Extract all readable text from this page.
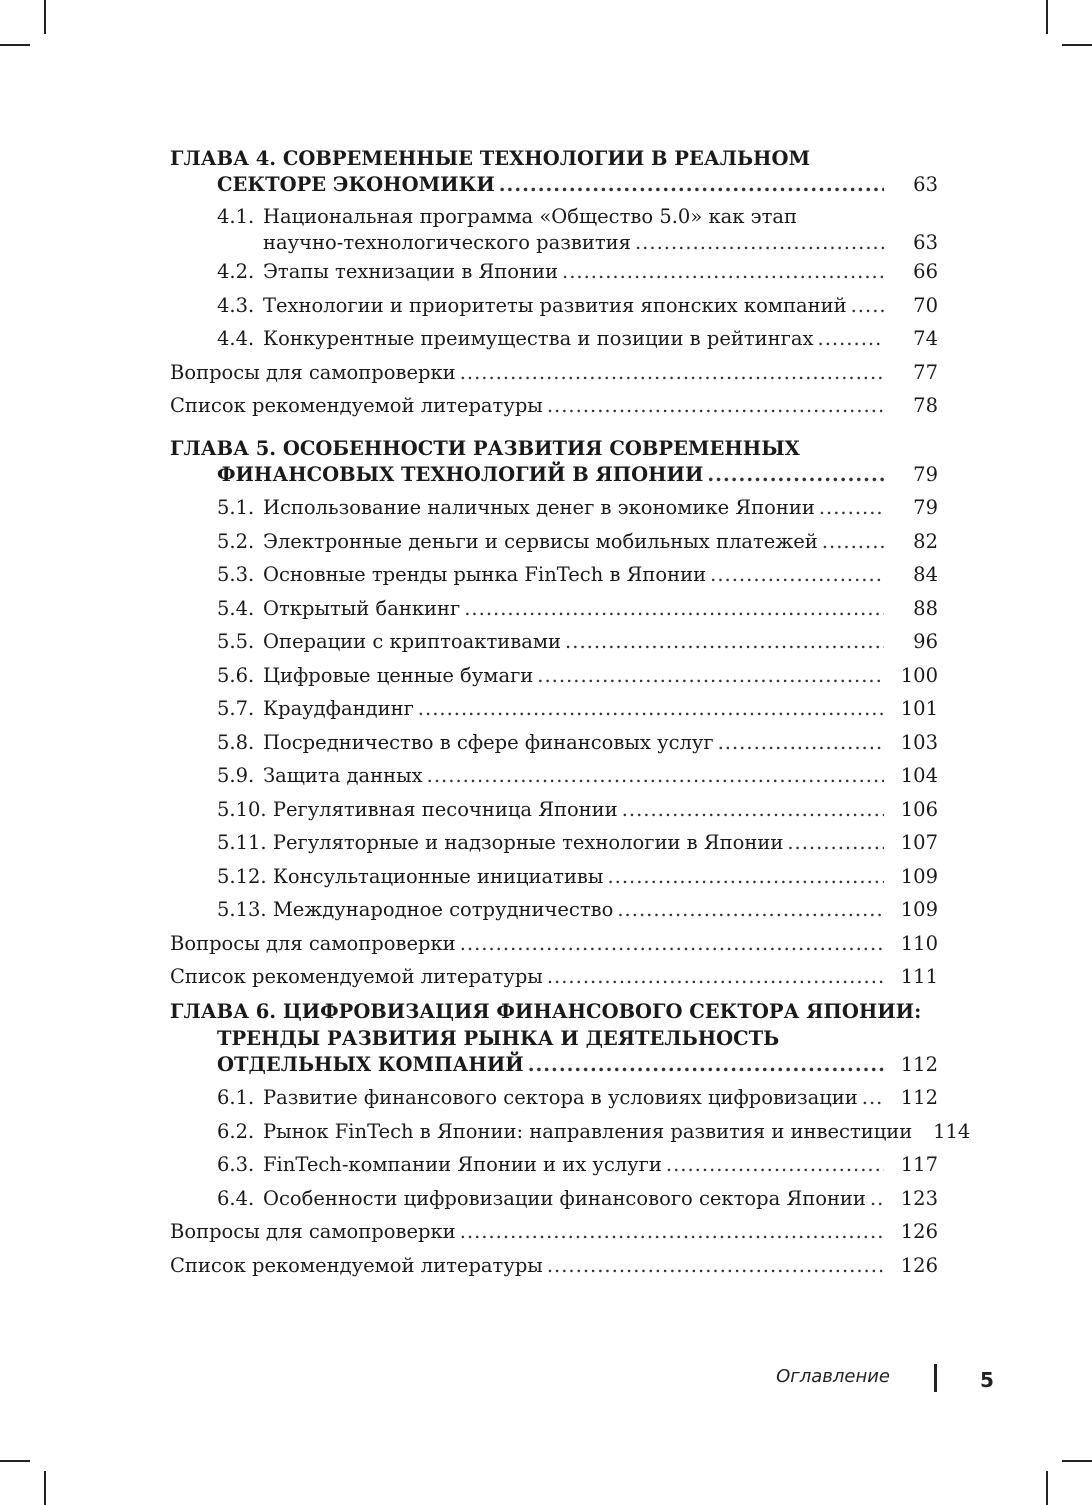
ГЛАВА 4. СОВРЕМЕННЫЕ ТЕХНОЛОГИИ В РЕАЛЬНОМ
СЕКТОРЕ ЭКОНОМИКИ .....	63
4.1. Национальная программа «Общество 5.0» как этап
научно-технологического развития .....	63
4.2. Этапы технизации в Японии .....	66
4.3. Технологии и приоритеты развития японских компаний .....	70
4.4. Конкурентные преимущества и позиции в рейтингах .....	74
Вопросы для самопроверки .....	77
Список рекомендуемой литературы .....	78
ГЛАВА 5. ОСОБЕННОСТИ РАЗВИТИЯ СОВРЕМЕННЫХ
ФИНАНСОВЫХ ТЕХНОЛОГИЙ В ЯПОНИИ .....	79
5.1. Использование наличных денег в экономике Японии .....	79
5.2. Электронные деньги и сервисы мобильных платежей .....	82
5.3. Основные тренды рынка FinTech в Японии .....	84
5.4. Открытый банкинг .....	88
5.5. Операции с криптоактивами .....	96
5.6. Цифровые ценные бумаги .....	100
5.7. Краудфандинг .....	101
5.8. Посредничество в сфере финансовых услуг .....	103
5.9. Защита данных .....	104
5.10. Регулятивная песочница Японии .....	106
5.11. Регуляторные и надзорные технологии в Японии .....	107
5.12. Консультационные инициативы .....	109
5.13. Международное сотрудничество .....	109
Вопросы для самопроверки .....	110
Список рекомендуемой литературы .....	111
ГЛАВА 6. ЦИФРОВИЗАЦИЯ ФИНАНСОВОГО СЕКТОРА ЯПОНИИ:
ТРЕНДЫ РАЗВИТИЯ РЫНКА И ДЕЯТЕЛЬНОСТЬ
ОТДЕЛЬНЫХ КОМПАНИЙ .....	112
6.1. Развитие финансового сектора в условиях цифровизации .....	112
6.2. Рынок FinTech в Японии: направления развития и инвестиции	114
6.3. FinTech-компании Японии и их услуги .....	117
6.4. Особенности цифровизации финансового сектора Японии .....	123
Вопросы для самопроверки .....	126
Список рекомендуемой литературы .....	126
Оглавление	5
